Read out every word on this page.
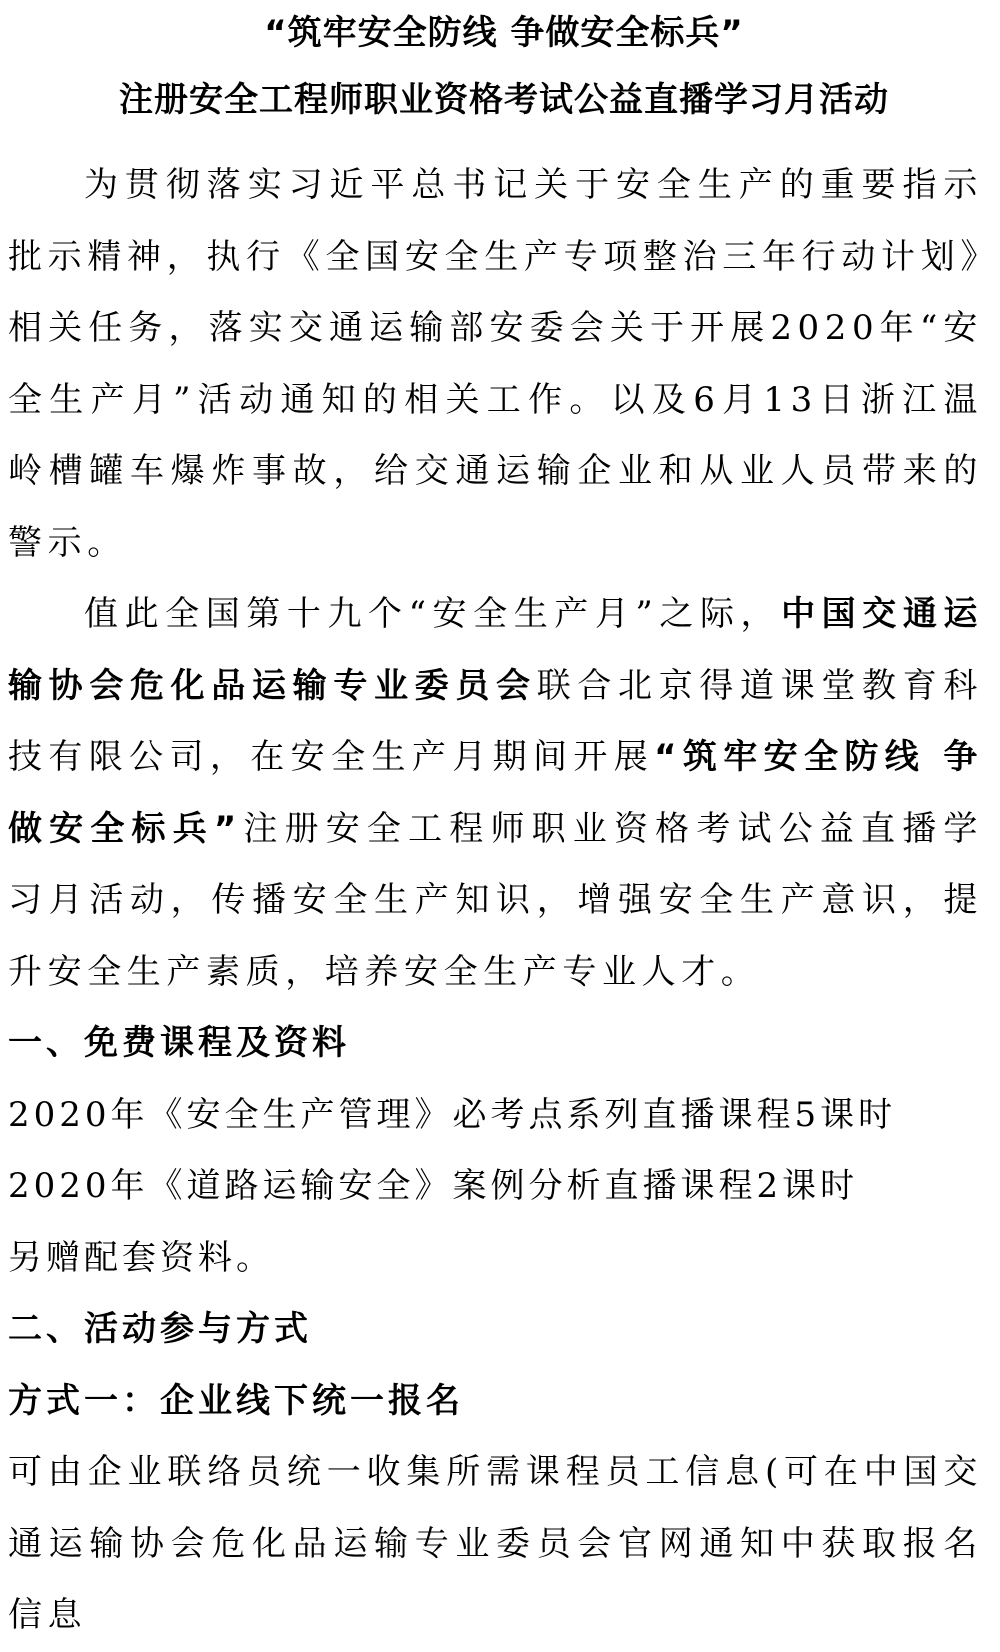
“筑牢安全防线 争做安全标兵”
注册安全工程师职业资格考试公益直播学习月活动

为贯彻落实习近平总书记关于安全生产的重要指示批示精神，执行《全国安全生产专项整治三年行动计划》相关任务，落实交通运输部安委会关于开展2020年“安全生产月”活动通知的相关工作。以及6月13日浙江温岭槽罐车爆炸事故，给交通运输企业和从业人员带来的警示。

值此全国第十九个“安全生产月”之际，中国交通运输协会危化品运输专业委员会联合北京得道课堂教育科技有限公司，在安全生产月期间开展“筑牢安全防线 争做安全标兵”注册安全工程师职业资格考试公益直播学习月活动，传播安全生产知识，增强安全生产意识，提升安全生产素质，培养安全生产专业人才。

一、免费课程及资料

2020年《安全生产管理》必考点系列直播课程5课时

2020年《道路运输安全》案例分析直播课程2课时

另赠配套资料。

二、活动参与方式
方式一：企业线下统一报名

可由企业联络员统一收集所需课程员工信息(可在中国交通运输协会危化品运输专业委员会官网通知中获取报名信息
